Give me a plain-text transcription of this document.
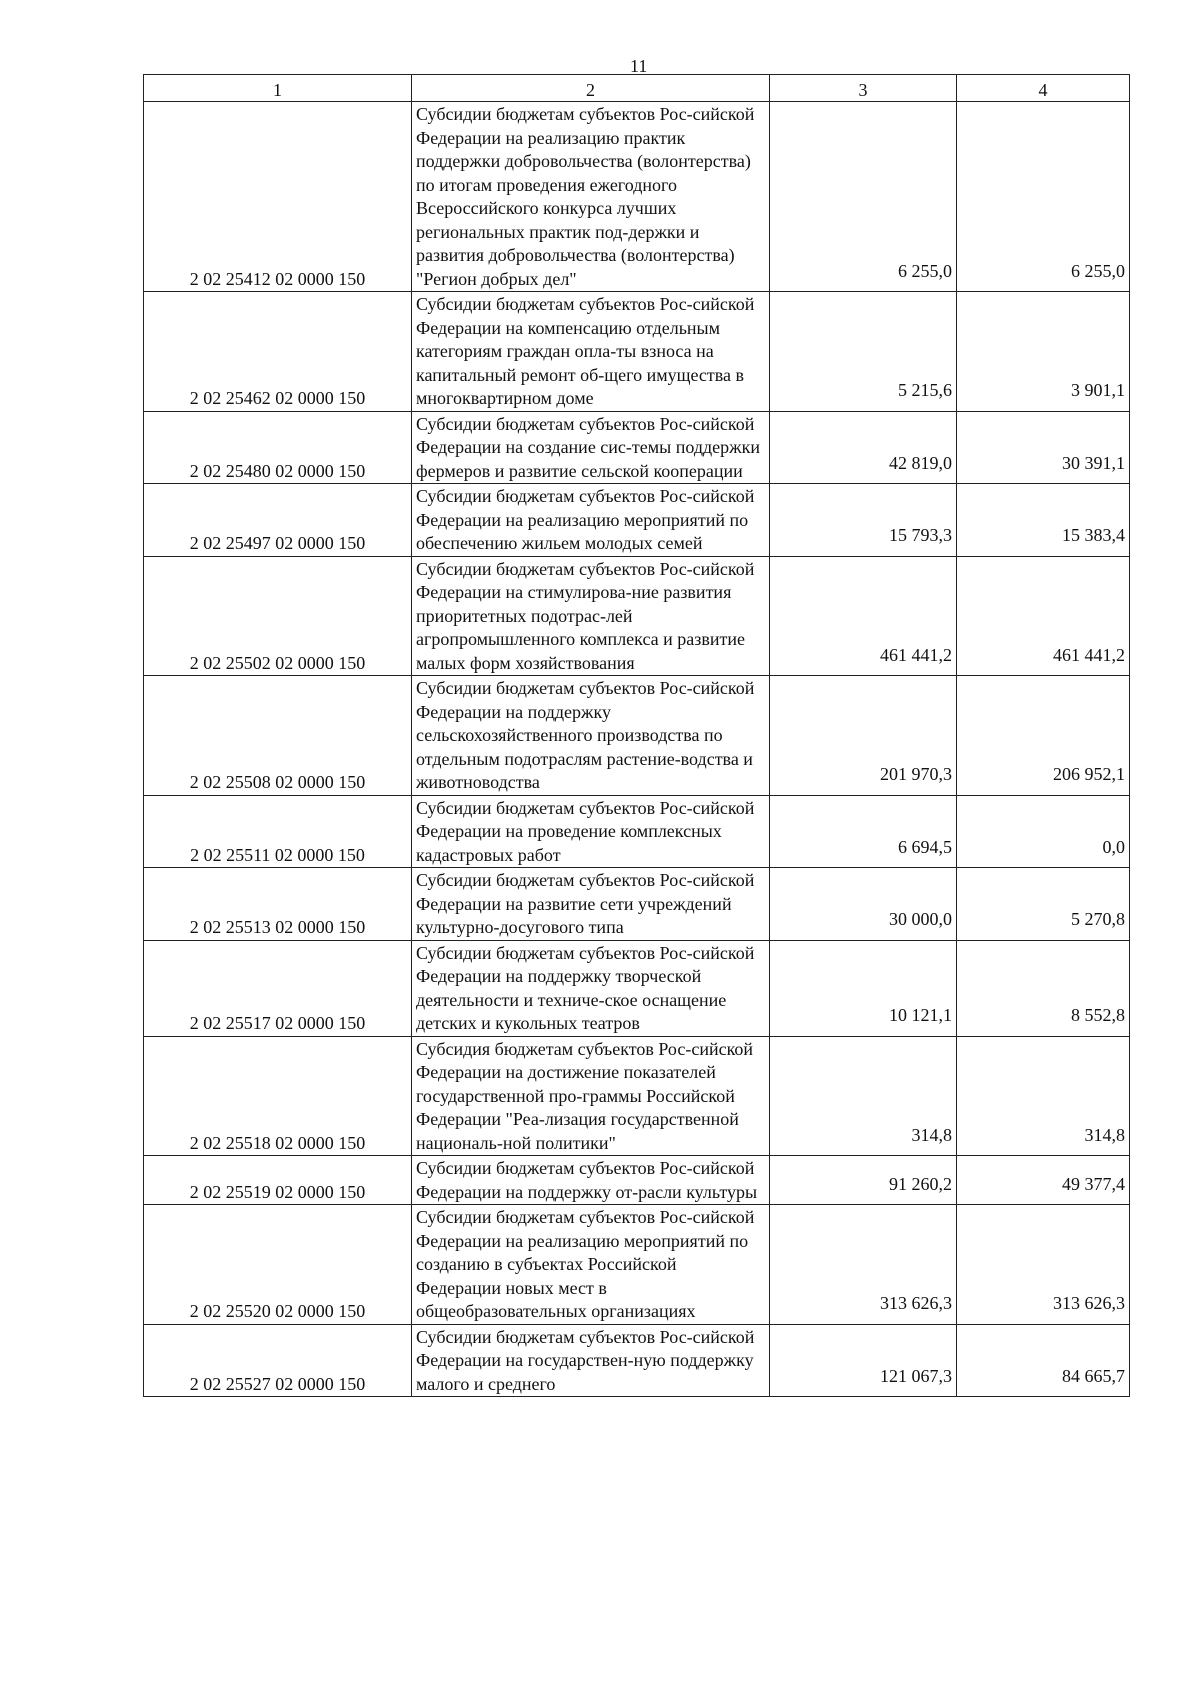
11
1	2	3	4
2 02 25412 02 0000 150	Субсидии бюджетам субъектов Рос-сийской Федерации на реализацию практик поддержки добровольчества (волонтерства) по итогам проведения ежегодного Всероссийского конкурса лучших региональных практик под-держки и развития добровольчества (волонтерства) "Регион добрых дел"	6 255,0	6 255,0
2 02 25462 02 0000 150	Субсидии бюджетам субъектов Рос-сийской Федерации на компенсацию отдельным категориям граждан опла-ты взноса на капитальный ремонт об-щего имущества в многоквартирном доме	5 215,6	3 901,1
2 02 25480 02 0000 150	Субсидии бюджетам субъектов Рос-сийской Федерации на создание сис-темы поддержки фермеров и развитие сельской кооперации	42 819,0	30 391,1
2 02 25497 02 0000 150	Субсидии бюджетам субъектов Рос-сийской Федерации на реализацию мероприятий по обеспечению жильем молодых семей	15 793,3	15 383,4
2 02 25502 02 0000 150	Субсидии бюджетам субъектов Рос-сийской Федерации на стимулирова-ние развития приоритетных подотрас-лей агропромышленного комплекса и развитие малых форм хозяйствования	461 441,2	461 441,2
2 02 25508 02 0000 150	Субсидии бюджетам субъектов Рос-сийской Федерации на поддержку сельскохозяйственного производства по отдельным подотраслям растение-водства и животноводства	201 970,3	206 952,1
2 02 25511 02 0000 150	Субсидии бюджетам субъектов Рос-сийской Федерации на проведение комплексных кадастровых работ	6 694,5	0,0
2 02 25513 02 0000 150	Субсидии бюджетам субъектов Рос-сийской Федерации на развитие сети учреждений культурно-досугового типа	30 000,0	5 270,8
2 02 25517 02 0000 150	Субсидии бюджетам субъектов Рос-сийской Федерации на поддержку творческой деятельности и техниче-ское оснащение детских и кукольных театров	10 121,1	8 552,8
2 02 25518 02 0000 150	Субсидия бюджетам субъектов Рос-сийской Федерации на достижение показателей государственной про-граммы Российской Федерации "Реа-лизация государственной националь-ной политики"	314,8	314,8
2 02 25519 02 0000 150	Субсидии бюджетам субъектов Рос-сийской Федерации на поддержку от-расли культуры	91 260,2	49 377,4
2 02 25520 02 0000 150	Субсидии бюджетам субъектов Рос-сийской Федерации на реализацию мероприятий по созданию в субъектах Российской Федерации новых мест в общеобразовательных организациях	313 626,3	313 626,3
2 02 25527 02 0000 150	Субсидии бюджетам субъектов Рос-сийской Федерации на государствен-ную поддержку малого и среднего	121 067,3	84 665,7
